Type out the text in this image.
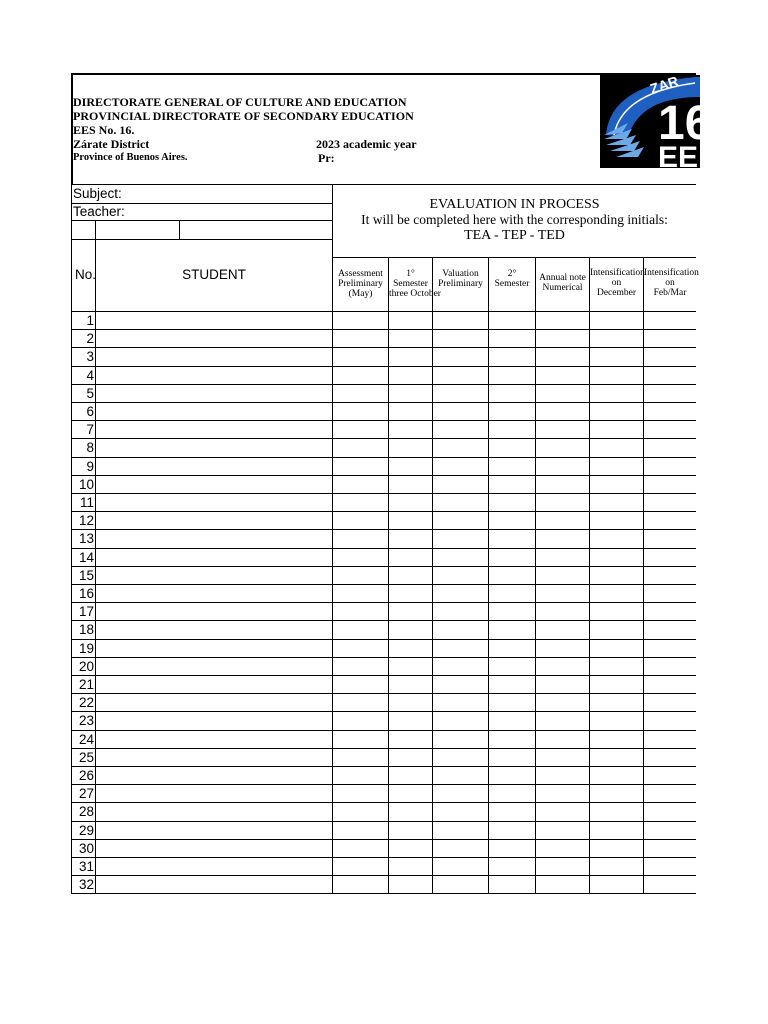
DIRECTORATE GENERAL OF CULTURE AND EDUCATION
PROVINCIAL DIRECTORATE OF SECONDARY EDUCATION
EES No. 16.
Zárate District
Province of Buenos Aires.
2023 academic year
Pr:
ZAR
16
EE
Subject:
Teacher:
No.	STUDENT
EVALUATION IN PROCESS
It will be completed here with the corresponding initials:
TEA - TEP - TED
Assessment
Preliminary
(May)
1°
Semester
three October
Valuation
Preliminary
2°
Semester
Annual note
Numerical
Intensification
on
December
Intensification
on
Feb/Mar
1
2
3
4
5
6
7
8
9
10
11
12
13
14
15
16
17
18
19
20
21
22
23
24
25
26
27
28
29
30
31
32
